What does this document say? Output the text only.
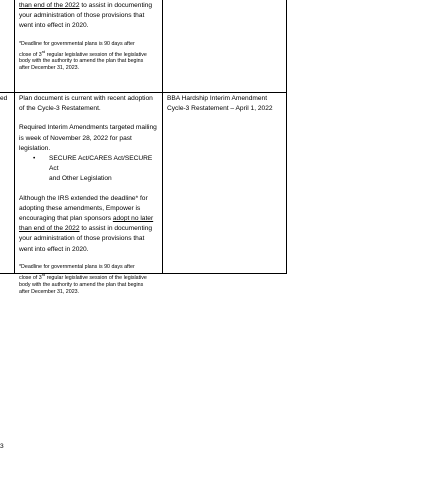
than end of the 2022 to assist in documenting

your administration of those provisions that

went into effect in 2020.

*Deadline for governmental plans is 90 days after

close of 3rd regular legislative session of the legislative

body with the authority to amend the plan that begins

after December 31, 2023.

ed Plan document is current with recent adoption

of the Cycle-3 Restatement.

Required Interim Amendments targeted mailing

is week of November 28, 2022 for past

legislation.

• SECURE Act/CARES Act/SECURE Act
and Other Legislation

Although the IRS extended the deadline* for

adopting these amendments, Empower is

encouraging that plan sponsors adopt no later

than end of the 2022 to assist in documenting

your administration of those provisions that

went into effect in 2020.

*Deadline for governmental plans is 90 days after

close of 3rd regular legislative session of the legislative

body with the authority to amend the plan that begins

after December 31, 2023.

BBA Hardship Interim Amendment

Cycle-3 Restatement – April 1, 2022

3
